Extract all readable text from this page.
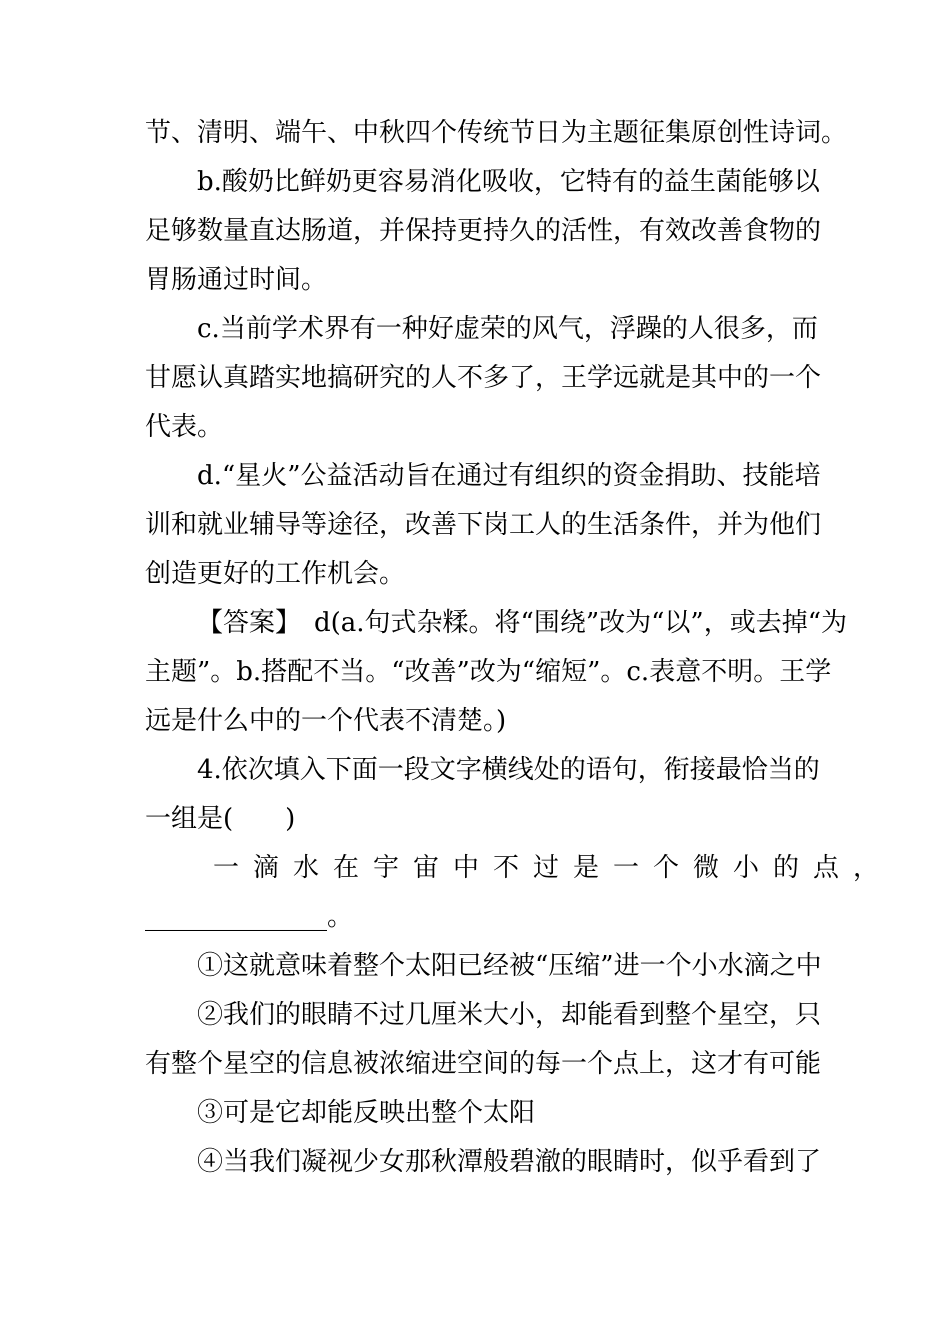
节、清明、端午、中秋四个传统节日为主题征集原创性诗词。
b.酸奶比鲜奶更容易消化吸收，它特有的益生菌能够以
足够数量直达肠道，并保持更持久的活性，有效改善食物的
胃肠通过时间。
c.当前学术界有一种好虚荣的风气，浮躁的人很多，而
甘愿认真踏实地搞研究的人不多了，王学远就是其中的一个
代表。
d.“星火”公益活动旨在通过有组织的资金捐助、技能培
训和就业辅导等途径，改善下岗工人的生活条件，并为他们
创造更好的工作机会。
【答案】　d(a.句式杂糅。将“围绕”改为“以”，或去掉“为
主题”。b.搭配不当。“改善”改为“缩短”。c.表意不明。王学
远是什么中的一个代表不清楚。)
4.依次填入下面一段文字横线处的语句，衔接最恰当的
一组是(　　)
一滴水在宇宙中不过是一个微小的点，
______________。
①这就意味着整个太阳已经被“压缩”进一个小水滴之中
②我们的眼睛不过几厘米大小，却能看到整个星空，只
有整个星空的信息被浓缩进空间的每一个点上，这才有可能
③可是它却能反映出整个太阳
④当我们凝视少女那秋潭般碧澈的眼睛时，似乎看到了
